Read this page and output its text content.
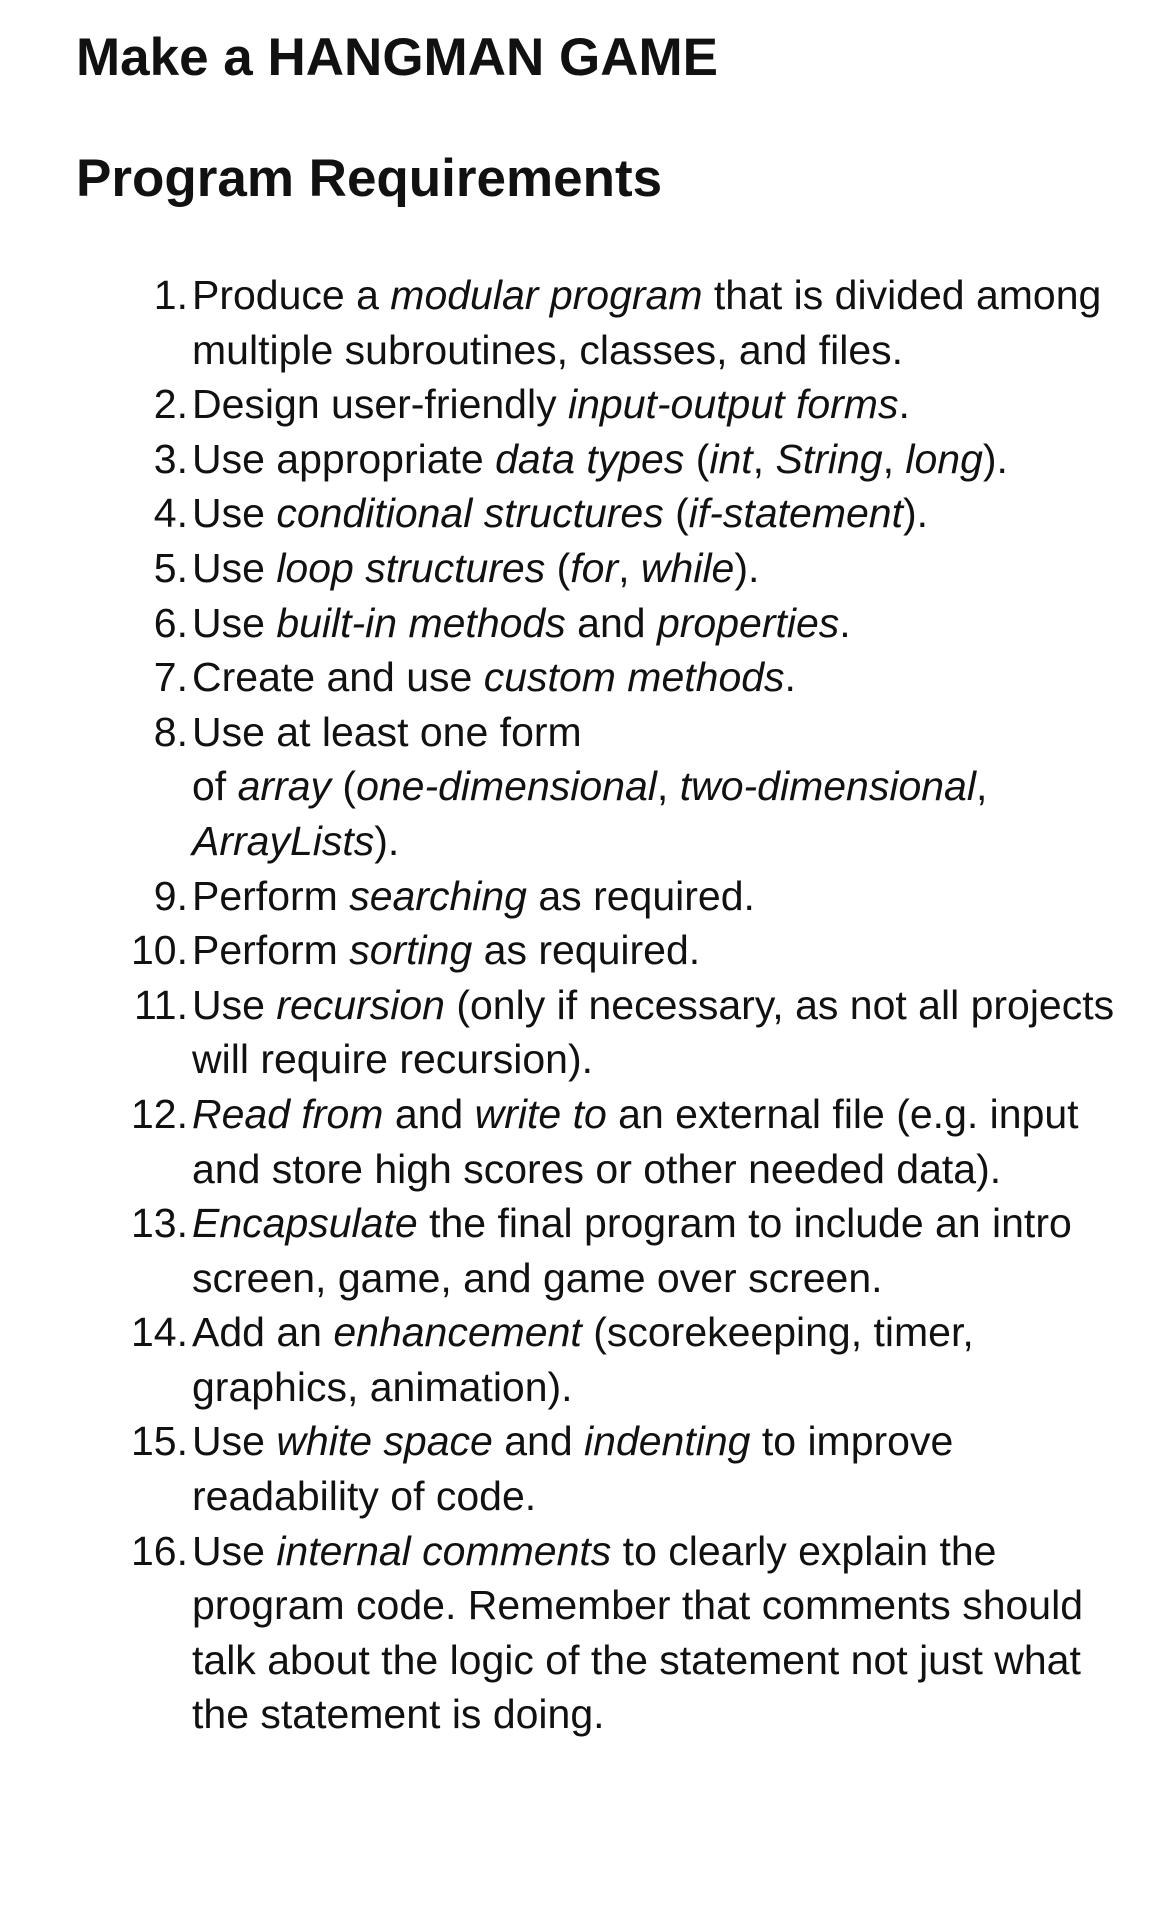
Make a HANGMAN GAME
Program Requirements
1. Produce a modular program that is divided among multiple subroutines, classes, and files.
2. Design user-friendly input-output forms.
3. Use appropriate data types (int, String, long).
4. Use conditional structures (if-statement).
5. Use loop structures (for, while).
6. Use built-in methods and properties.
7. Create and use custom methods.
8. Use at least one form
of array (one-dimensional, two-dimensional, ArrayLists).
9. Perform searching as required.
10. Perform sorting as required.
11. Use recursion (only if necessary, as not all projects will require recursion).
12. Read from and write to an external file (e.g. input and store high scores or other needed data).
13. Encapsulate the final program to include an intro screen, game, and game over screen.
14. Add an enhancement (scorekeeping, timer, graphics, animation).
15. Use white space and indenting to improve readability of code.
16. Use internal comments to clearly explain the program code. Remember that comments should talk about the logic of the statement not just what the statement is doing.
